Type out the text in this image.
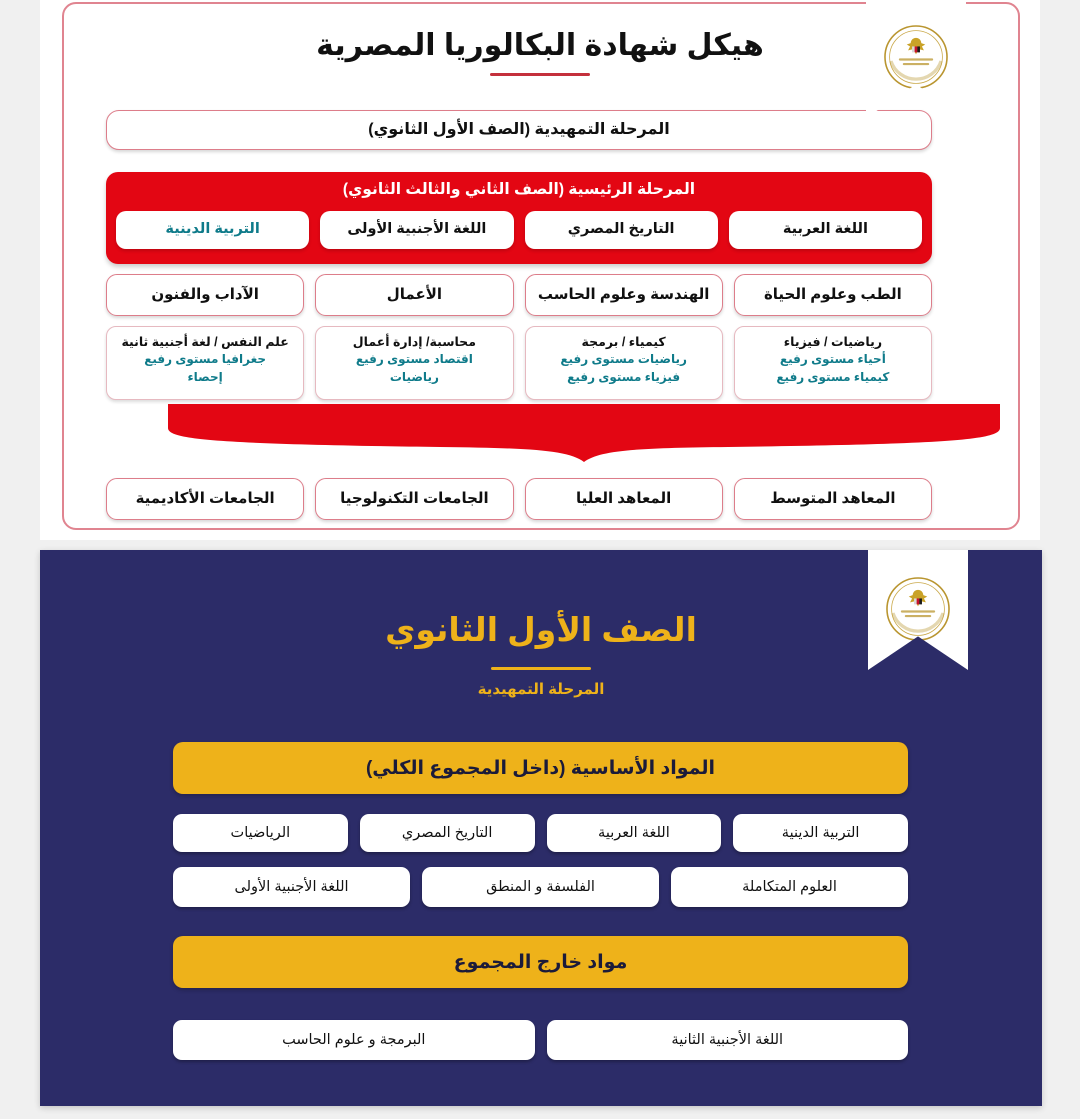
هيكل شهادة البكالوريا المصرية
المرحلة التمهيدية (الصف الأول الثانوي)
المرحلة الرئيسية (الصف الثاني والثالث الثانوي)
اللغة العربية
التاريخ المصري
اللغة الأجنبية الأولى
التربية الدينية
الطب وعلوم الحياة
الهندسة وعلوم الحاسب
الأعمال
الآداب والفنون
رياضيات / فيزياء
أحياء مستوى رفيع
كيمياء مستوى رفيع
كيمياء / برمجة
رياضيات مستوى رفيع
فيزياء مستوى رفيع
محاسبة/ إدارة أعمال
اقتصاد مستوى رفيع
رياضيات
علم النفس / لغة أجنبية ثانية
جغرافيا مستوى رفيع
إحصاء
المعاهد المتوسط
المعاهد العليا
الجامعات التكنولوجيا
الجامعات الأكاديمية
الصف الأول الثانوي
المرحلة التمهيدية
المواد الأساسية (داخل المجموع الكلي)
التربية الدينية
اللغة العربية
التاريخ المصري
الرياضيات
العلوم المتكاملة
الفلسفة و المنطق
اللغة الأجنبية الأولى
مواد خارج المجموع
اللغة الأجنبية الثانية
البرمجة و علوم الحاسب
